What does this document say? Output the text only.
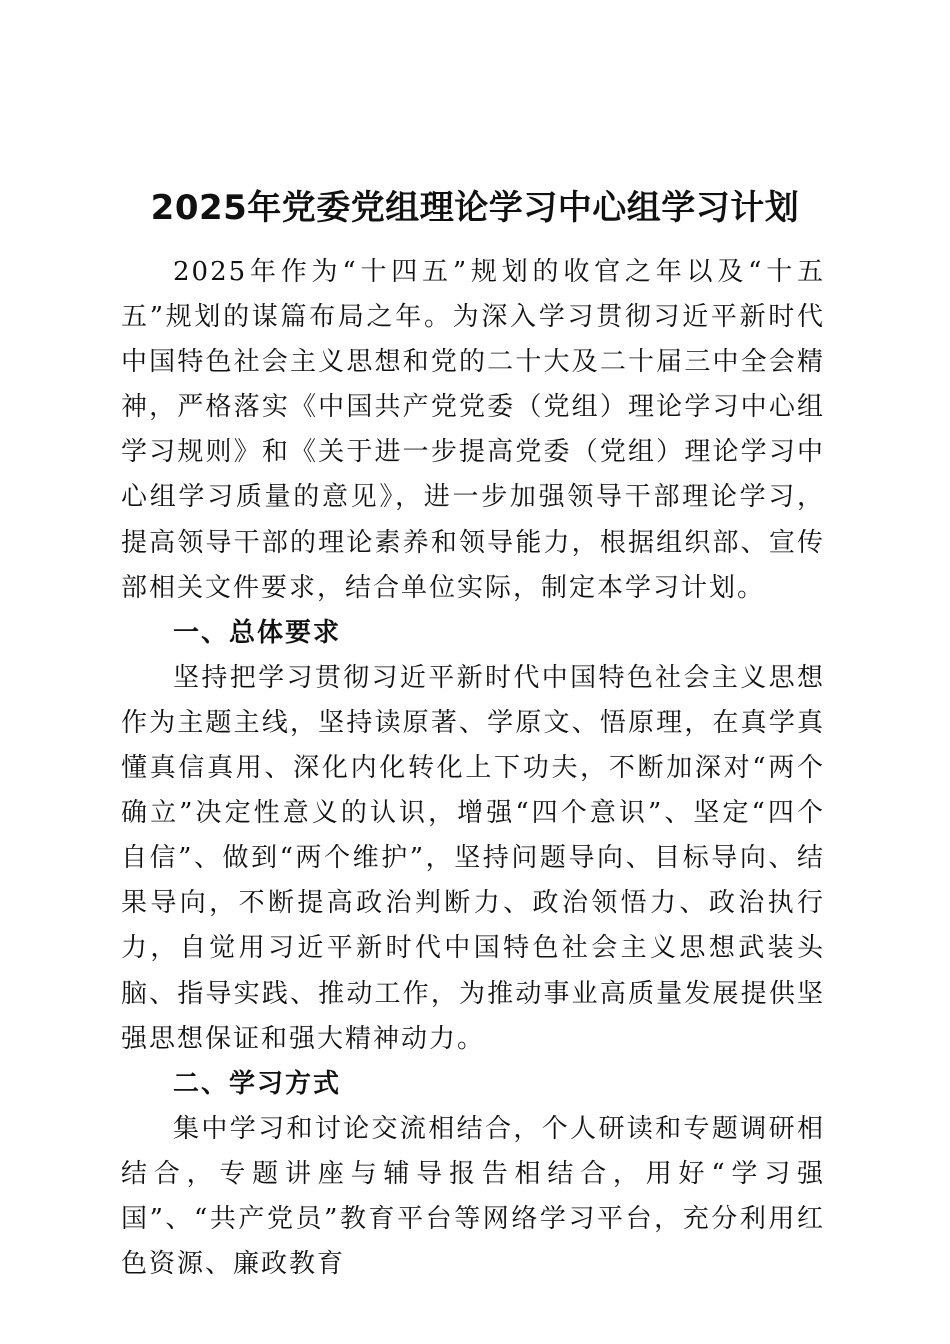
2025年党委党组理论学习中心组学习计划

2025年作为“十四五”规划的收官之年以及“十五五”规划的谋篇布局之年。为深入学习贯彻习近平新时代中国特色社会主义思想和党的二十大及二十届三中全会精神，严格落实《中国共产党党委（党组）理论学习中心组学习规则》和《关于进一步提高党委（党组）理论学习中心组学习质量的意见》，进一步加强领导干部理论学习，提高领导干部的理论素养和领导能力，根据组织部、宣传部相关文件要求，结合单位实际，制定本学习计划。

一、总体要求

坚持把学习贯彻习近平新时代中国特色社会主义思想作为主题主线，坚持读原著、学原文、悟原理，在真学真懂真信真用、深化内化转化上下功夫，不断加深对“两个确立”决定性意义的认识，增强“四个意识”、坚定“四个自信”、做到“两个维护”，坚持问题导向、目标导向、结果导向，不断提高政治判断力、政治领悟力、政治执行力，自觉用习近平新时代中国特色社会主义思想武装头脑、指导实践、推动工作，为推动事业高质量发展提供坚强思想保证和强大精神动力。

二、学习方式

集中学习和讨论交流相结合，个人研读和专题调研相结合，专题讲座与辅导报告相结合，用好“学习强国”、“共产党员”教育平台等网络学习平台，充分利用红色资源、廉政教育
